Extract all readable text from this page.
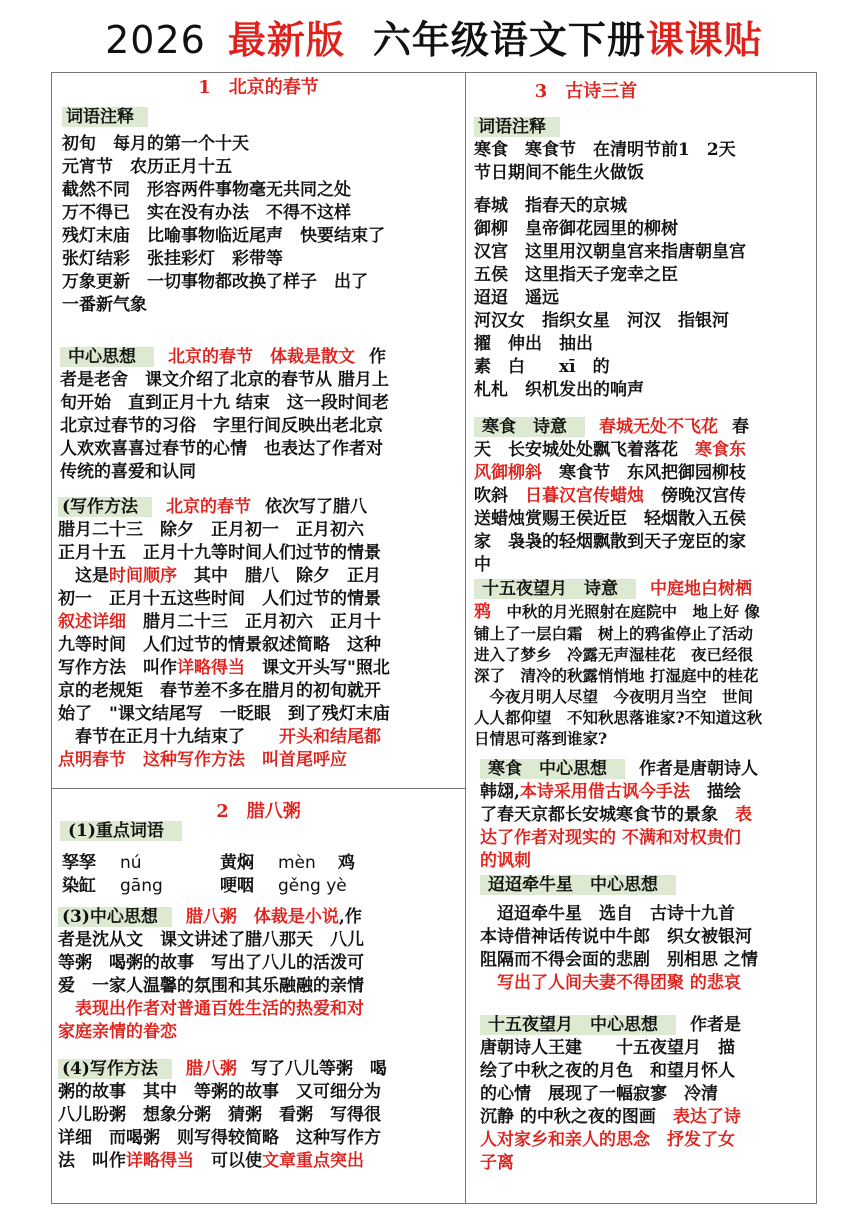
2026 最新版 六年级语文下册课课贴
1　北京的春节
词语注释
初旬　每月的第一个十天
元宵节　农历正月十五
截然不同　形容两件事物毫无共同之处
万不得已　实在没有办法　不得不这样
残灯末庙　比喻事物临近尾声　快要结束了
张灯结彩　张挂彩灯　彩带等
万象更新　一切事物都改换了样子　出了
一番新气象
中心思想 北京的春节　体裁是散文 作
者是老舍　课文介绍了北京的春节从 腊月上
旬开始　直到正月十九 结束　这一段时间老
北京过春节的习俗　字里行间反映出老北京
人欢欢喜喜过春节的心情　也表达了作者对
传统的喜爱和认同
(写作方法 北京的春节 依次写了腊八
腊月二十三　除夕　正月初一　正月初六
正月十五　正月十九等时间人们过节的情景
　这是时间顺序　其中　腊八　除夕　正月
初一　正月十五这些时间　人们过节的情景
叙述详细　腊月二十三　正月初六　正月十
九等时间　人们过节的情景叙述简略　这种
写作方法　叫作详略得当　课文开头写"照北
京的老规矩　春节差不多在腊月的初旬就开
始了　"课文结尾写　一眨眼　到了残灯末庙
　春节在正月十九结束了　　开头和结尾都
点明春节　这种写作方法　叫首尾呼应
2　腊八粥
(1)重点词语
孥孥 nú	黄焖 mèn 鸡
染缸 gāng	哽咽 gěng yè
(3)中心思想 腊八粥　体裁是小说,作
者是沈从文　课文讲述了腊八那天　八儿
等粥　喝粥的故事　写出了八儿的活泼可
爱　一家人温馨的氛围和其乐融融的亲情
　表现出作者对普通百姓生活的热爱和对
家庭亲情的眷恋
(4)写作方法 腊八粥 写了八儿等粥　喝
粥的故事　其中　等粥的故事　又可细分为
八儿盼粥　想象分粥　猜粥　看粥　写得很
详细　而喝粥　则写得较简略　这种写作方
法　叫作详略得当　可以使文章重点突出
3　古诗三首
词语注释
寒食　寒食节　在清明节前1　2天
节日期间不能生火做饭
春城　指春天的京城
御柳　皇帝御花园里的柳树
汉宫　这里用汉朝皇宫来指唐朝皇宫
五侯　这里指天子宠幸之臣
迢迢　遥远
河汉女　指织女星　河汉　指银河
擢　伸出　抽出
素　白　　xī　的
札札　织机发出的响声
寒食　诗意 春城无处不飞花 春
天　长安城处处飘飞着落花　寒食东
风御柳斜　寒食节　东风把御园柳枝
吹斜　日暮汉宫传蜡烛　傍晚汉宫传
送蜡烛赏赐王侯近臣　轻烟散入五侯
家　袅袅的轻烟飘散到天子宠臣的家
中
十五夜望月　诗意 中庭地白树栖
鸦　中秋的月光照射在庭院中　地上好 像
铺上了一层白霜　树上的鸦雀停止了活动
进入了梦乡　冷露无声湿桂花　夜已经很
深了　清冷的秋露悄悄地 打湿庭中的桂花
　今夜月明人尽望　今夜明月当空　世间
人人都仰望　不知秋思落谁家?不知道这秋
日情思可落到谁家?
寒食　中心思想 作者是唐朝诗人
韩翃,本诗采用借古讽今手法　描绘
了春天京都长安城寒食节的景象　表
达了作者对现实的 不满和对权贵们
的讽刺
迢迢牵牛星　中心思想
　迢迢牵牛星　选自　古诗十九首
本诗借神话传说中牛郎　织女被银河
阻隔而不得会面的悲剧　别相思 之情
　写出了人间夫妻不得团聚 的悲哀
十五夜望月　中心思想 作者是
唐朝诗人王建　　十五夜望月　描
绘了中秋之夜的月色　和望月怀人
的心情　展现了一幅寂寥　冷清
沉静 的中秋之夜的图画　表达了诗
人对家乡和亲人的思念　抒发了女
子离
